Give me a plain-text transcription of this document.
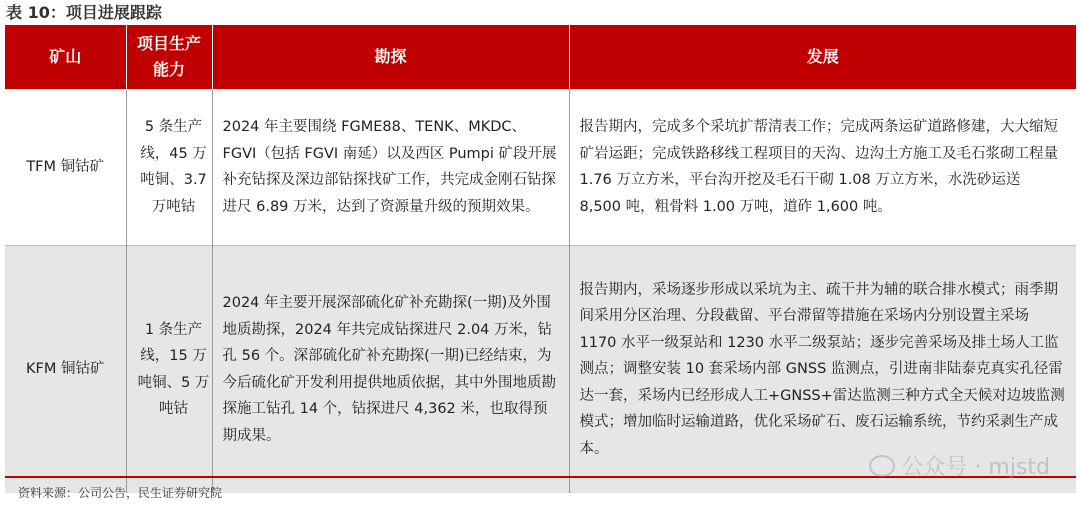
表 10：项目进展跟踪
矿山	项目生产能力	勘探	发展

TFM 铜钴矿	5 条生产线，45 万吨铜、3.7 万吨钴	2024 年主要围绕 FGME88、TENK、MKDC、FGVI（包括 FGVI 南延）以及西区 Pumpi 矿段开展补充钻探及深边部钻探找矿工作，共完成金刚石钻探进尺 6.89 万米，达到了资源量升级的预期效果。	报告期内，完成多个采坑扩帮清表工作；完成两条运矿道路修建，大大缩短矿岩运距；完成铁路移线工程项目的天沟、边沟土方施工及毛石浆砌工程量 1.76 万立方米，平台沟开挖及毛石干砌 1.08 万立方米，水洗砂运送 8,500 吨，粗骨料 1.00 万吨，道砟 1,600 吨。

KFM 铜钴矿	1 条生产线，15 万吨铜、5 万吨钴	2024 年主要开展深部硫化矿补充勘探(一期)及外围地质勘探，2024 年共完成钻探进尺 2.04 万米，钻孔 56 个。深部硫化矿补充勘探(一期)已经结束，为今后硫化矿开发利用提供地质依据，其中外围地质勘探施工钻孔 14 个，钻探进尺 4,362 米，也取得预期成果。	报告期内，采场逐步形成以采坑为主、疏干井为辅的联合排水模式；雨季期间采用分区治理、分段截留、平台滞留等措施在采场内分别设置主采场 1170 水平一级泵站和 1230 水平二级泵站；逐步完善采场及排土场人工监测点；调整安装 10 套采场内部 GNSS 监测点，引进南非陆泰克真实孔径雷达一套，采场内已经形成人工+GNSS+雷达监测三种方式全天候对边坡监测模式；增加临时运输道路，优化采场矿石、废石运输系统，节约采剥生产成本。
公众号 · mjstd
资料来源：公司公告，民生证券研究院
